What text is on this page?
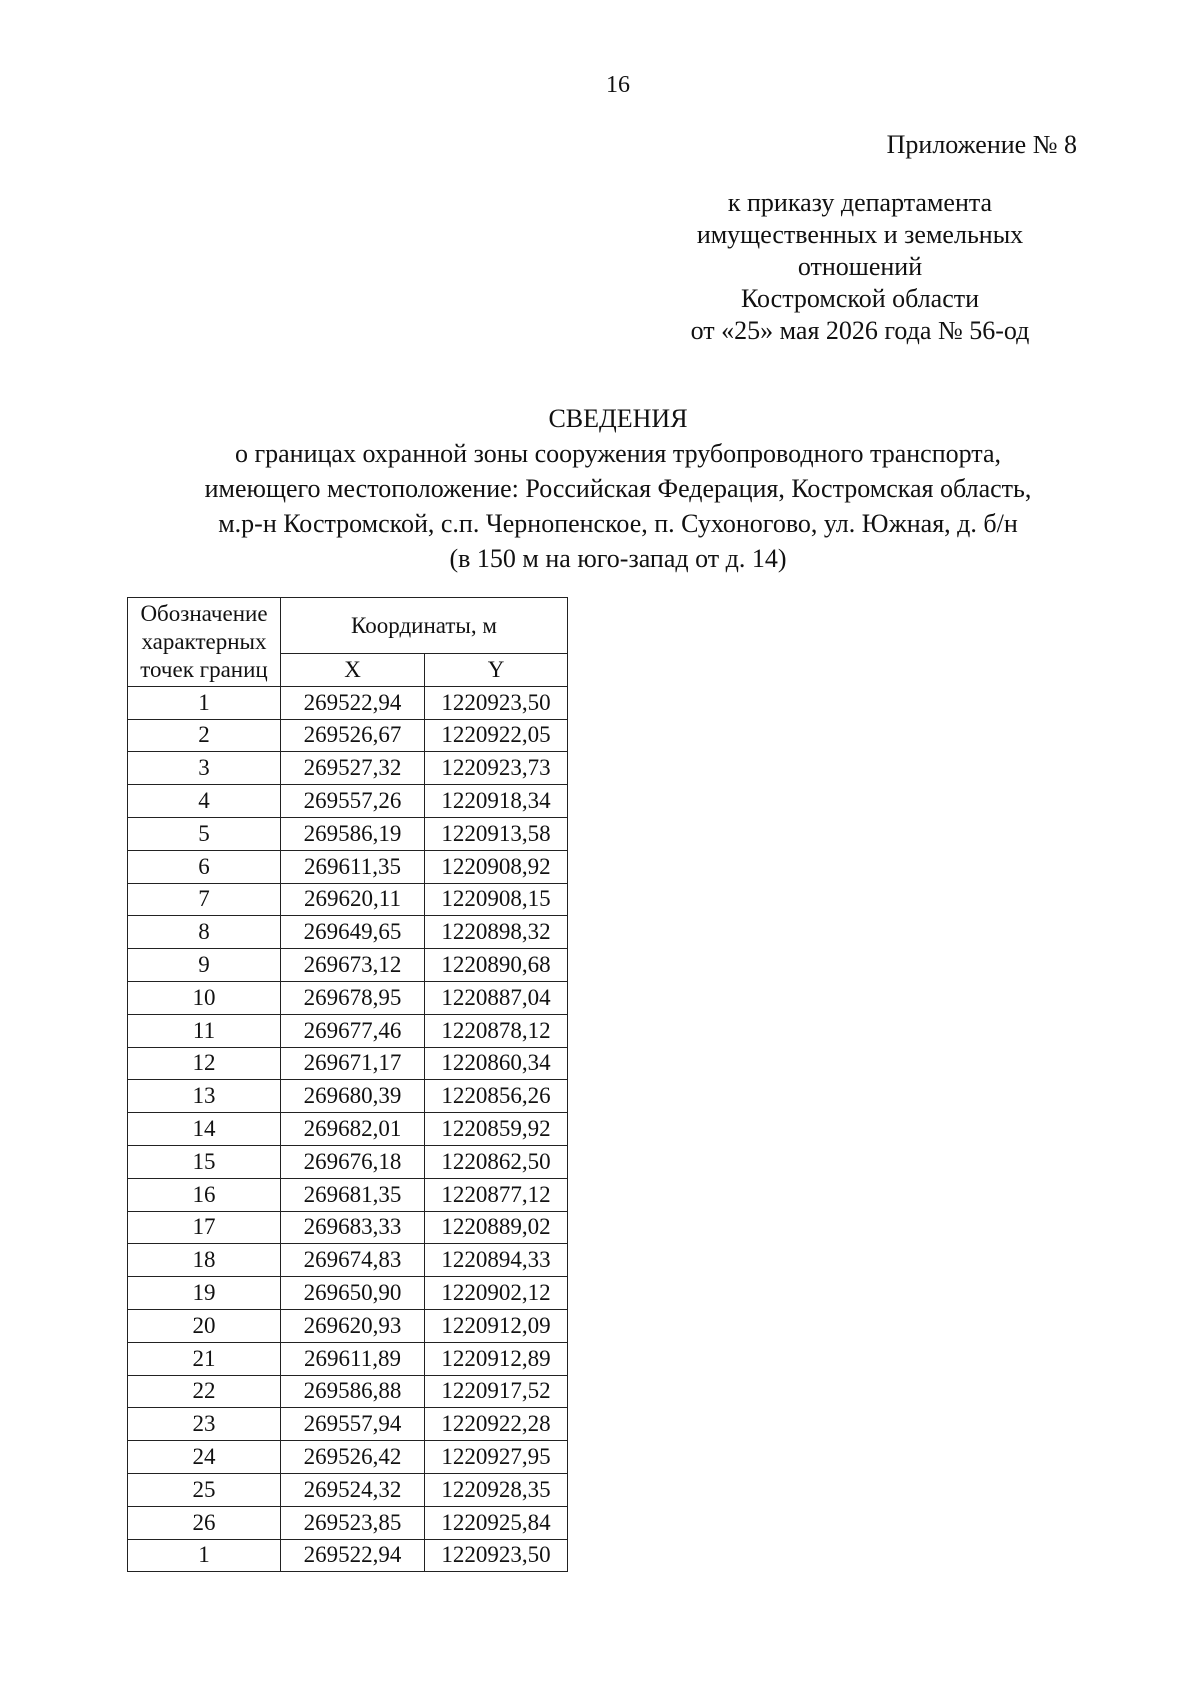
16
Приложение № 8
к приказу департамента
имущественных и земельных
отношений
Костромской области
от «25» мая 2026 года № 56-од
СВЕДЕНИЯ
о границах охранной зоны сооружения трубопроводного транспорта,
имеющего местоположение: Российская Федерация, Костромская область,
м.р-н Костромской, с.п. Чернопенское, п. Сухоногово, ул. Южная, д. б/н
(в 150 м на юго-запад от д. 14)
Обозначение
характерных
точек границ	Координаты, м	
	X	Y
1	269522,94	1220923,50
2	269526,67	1220922,05
3	269527,32	1220923,73
4	269557,26	1220918,34
5	269586,19	1220913,58
6	269611,35	1220908,92
7	269620,11	1220908,15
8	269649,65	1220898,32
9	269673,12	1220890,68
10	269678,95	1220887,04
11	269677,46	1220878,12
12	269671,17	1220860,34
13	269680,39	1220856,26
14	269682,01	1220859,92
15	269676,18	1220862,50
16	269681,35	1220877,12
17	269683,33	1220889,02
18	269674,83	1220894,33
19	269650,90	1220902,12
20	269620,93	1220912,09
21	269611,89	1220912,89
22	269586,88	1220917,52
23	269557,94	1220922,28
24	269526,42	1220927,95
25	269524,32	1220928,35
26	269523,85	1220925,84
1	269522,94	1220923,50
